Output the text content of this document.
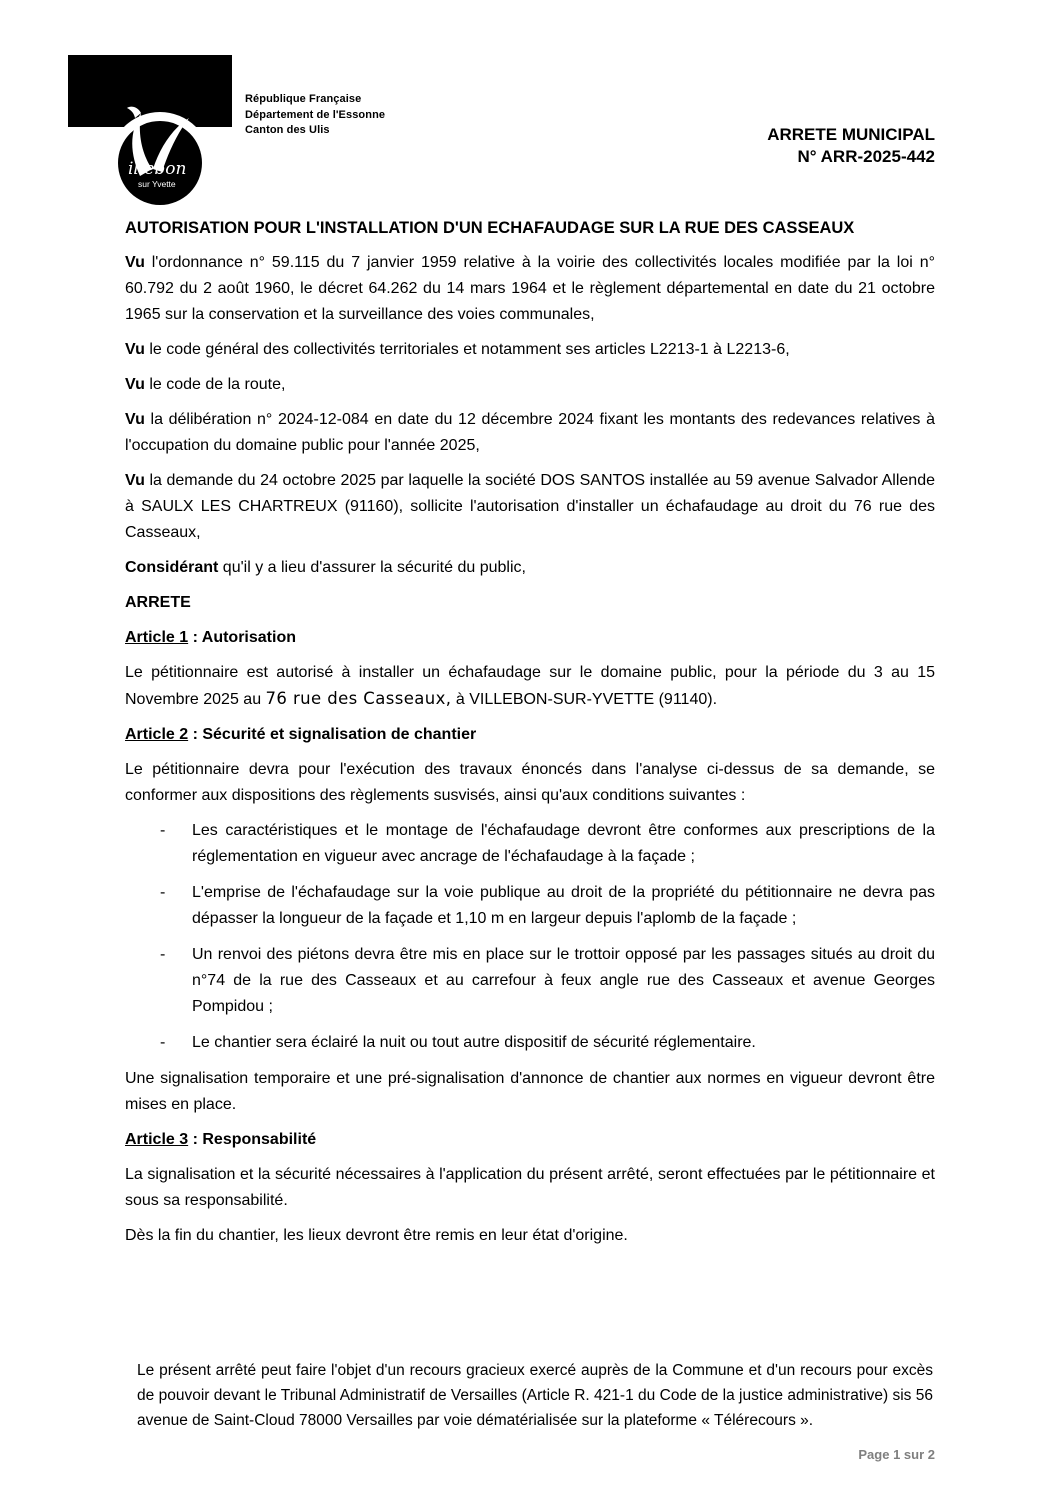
illebon
sur Yvette
République Française
Département de l'Essonne
Canton des Ulis	ARRETE MUNICIPAL
N° ARR-2025-442

AUTORISATION POUR L'INSTALLATION D'UN ECHAFAUDAGE SUR LA RUE DES CASSEAUX

Vu l'ordonnance n° 59.115 du 7 janvier 1959 relative à la voirie des collectivités locales modifiée par la loi n° 60.792 du 2 août 1960, le décret 64.262 du 14 mars 1964 et le règlement départemental en date du 21 octobre 1965 sur la conservation et la surveillance des voies communales,

Vu le code général des collectivités territoriales et notamment ses articles L2213-1 à L2213-6,

Vu le code de la route,

Vu la délibération n° 2024-12-084 en date du 12 décembre 2024 fixant les montants des redevances relatives à l'occupation du domaine public pour l'année 2025,

Vu la demande du 24 octobre 2025 par laquelle la société DOS SANTOS installée au 59 avenue Salvador Allende à SAULX LES CHARTREUX (91160), sollicite l'autorisation d'installer un échafaudage au droit du 76 rue des Casseaux,

Considérant qu'il y a lieu d'assurer la sécurité du public,

ARRETE

Article 1 : Autorisation

Le pétitionnaire est autorisé à installer un échafaudage sur le domaine public, pour la période du 3 au 15 Novembre 2025 au 76 rue des Casseaux, à VILLEBON-SUR-YVETTE (91140).

Article 2 : Sécurité et signalisation de chantier

Le pétitionnaire devra pour l'exécution des travaux énoncés dans l'analyse ci-dessus de sa demande, se conformer aux dispositions des règlements susvisés, ainsi qu'aux conditions suivantes :

- Les caractéristiques et le montage de l'échafaudage devront être conformes aux prescriptions de la réglementation en vigueur avec ancrage de l'échafaudage à la façade ;
- L'emprise de l'échafaudage sur la voie publique au droit de la propriété du pétitionnaire ne devra pas dépasser la longueur de la façade et 1,10 m en largeur depuis l'aplomb de la façade ;
- Un renvoi des piétons devra être mis en place sur le trottoir opposé par les passages situés au droit du n°74 de la rue des Casseaux et au carrefour à feux angle rue des Casseaux et avenue Georges Pompidou ;
- Le chantier sera éclairé la nuit ou tout autre dispositif de sécurité réglementaire.

Une signalisation temporaire et une pré-signalisation d'annonce de chantier aux normes en vigueur devront être mises en place.

Article 3 : Responsabilité

La signalisation et la sécurité nécessaires à l'application du présent arrêté, seront effectuées par le pétitionnaire et sous sa responsabilité.

Dès la fin du chantier, les lieux devront être remis en leur état d'origine.

Le présent arrêté peut faire l'objet d'un recours gracieux exercé auprès de la Commune et d'un recours pour excès de pouvoir devant le Tribunal Administratif de Versailles (Article R. 421-1 du Code de la justice administrative) sis 56 avenue de Saint-Cloud 78000 Versailles par voie dématérialisée sur la plateforme « Télérecours ».
Page 1 sur 2
